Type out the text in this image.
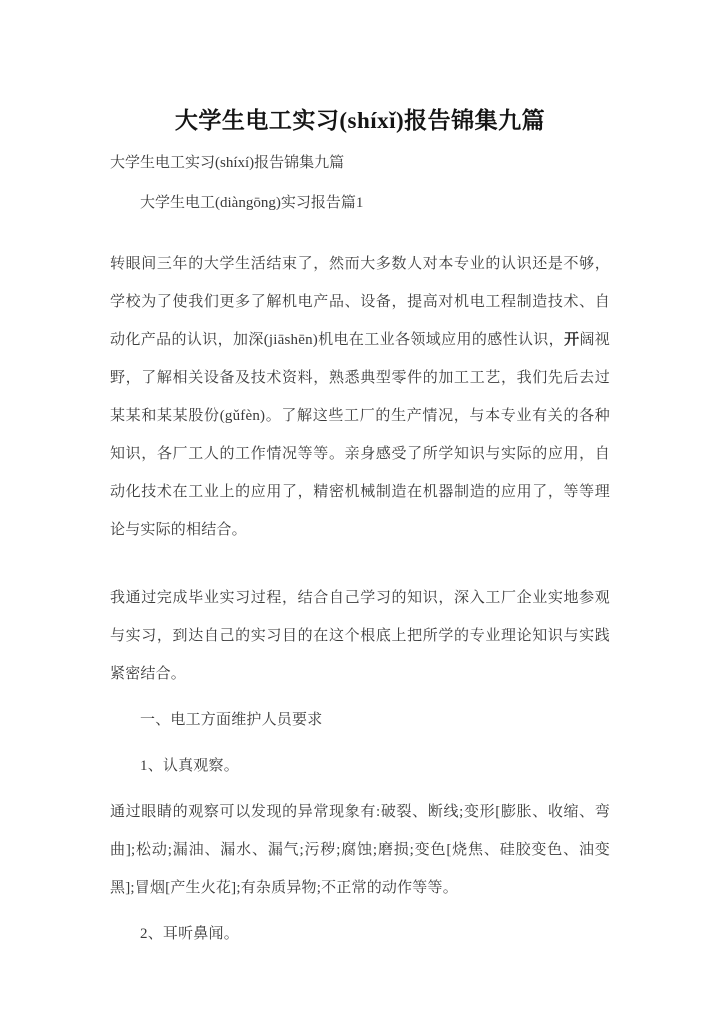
大学生电工实习(shíxǐ)报告锦集九篇

大学生电工实习(shíxí)报告锦集九篇

大学生电工(diàngōng)实习报告篇1

转眼间三年的大学生活结束了，然而大多数人对本专业的认识还是不够，学校为了使我们更多了解机电产品、设备，提高对机电工程制造技术、自动化产品的认识，加深(jiāshēn)机电在工业各领域应用的感性认识，开阔视野，了解相关设备及技术资料，熟悉典型零件的加工工艺，我们先后去过某某和某某股份(gǔfèn)。了解这些工厂的生产情况，与本专业有关的各种知识，各厂工人的工作情况等等。亲身感受了所学知识与实际的应用，自动化技术在工业上的应用了，精密机械制造在机器制造的应用了，等等理论与实际的相结合。

我通过完成毕业实习过程，结合自己学习的知识，深入工厂企业实地参观与实习，到达自己的实习目的在这个根底上把所学的专业理论知识与实践紧密结合。

一、电工方面维护人员要求

1、认真观察。

通过眼睛的观察可以发现的异常现象有:破裂、断线;变形[膨胀、收缩、弯曲];松动;漏油、漏水、漏气;污秽;腐蚀;磨损;变色[烧焦、硅胶变色、油变黑];冒烟[产生火花];有杂质异物;不正常的动作等等。

2、耳听鼻闻。
